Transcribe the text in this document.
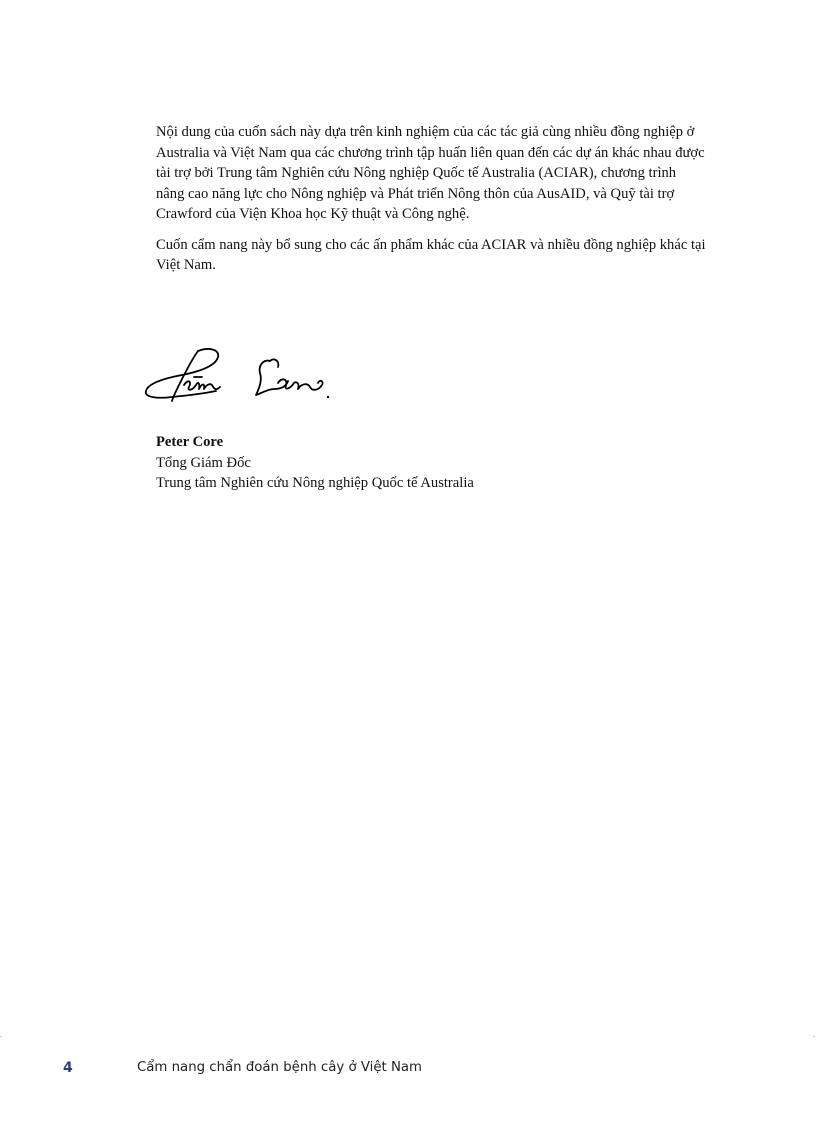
Nội dung của cuốn sách này dựa trên kinh nghiệm của các tác giả cùng nhiều đồng nghiệp ở Australia và Việt Nam qua các chương trình tập huấn liên quan đến các dự án khác nhau được tài trợ bởi Trung tâm Nghiên cứu Nông nghiệp Quốc tế Australia (ACIAR), chương trình nâng cao năng lực cho Nông nghiệp và Phát triển Nông thôn của AusAID, và Quỹ tài trợ Crawford của Viện Khoa học Kỹ thuật và Công nghệ.

Cuốn cẩm nang này bổ sung cho các ấn phẩm khác của ACIAR và nhiều đồng nghiệp khác tại Việt Nam.

Peter Core
Tổng Giám Đốc
Trung tâm Nghiên cứu Nông nghiệp Quốc tế Australia
4	Cẩm nang chẩn đoán bệnh cây ở Việt Nam
